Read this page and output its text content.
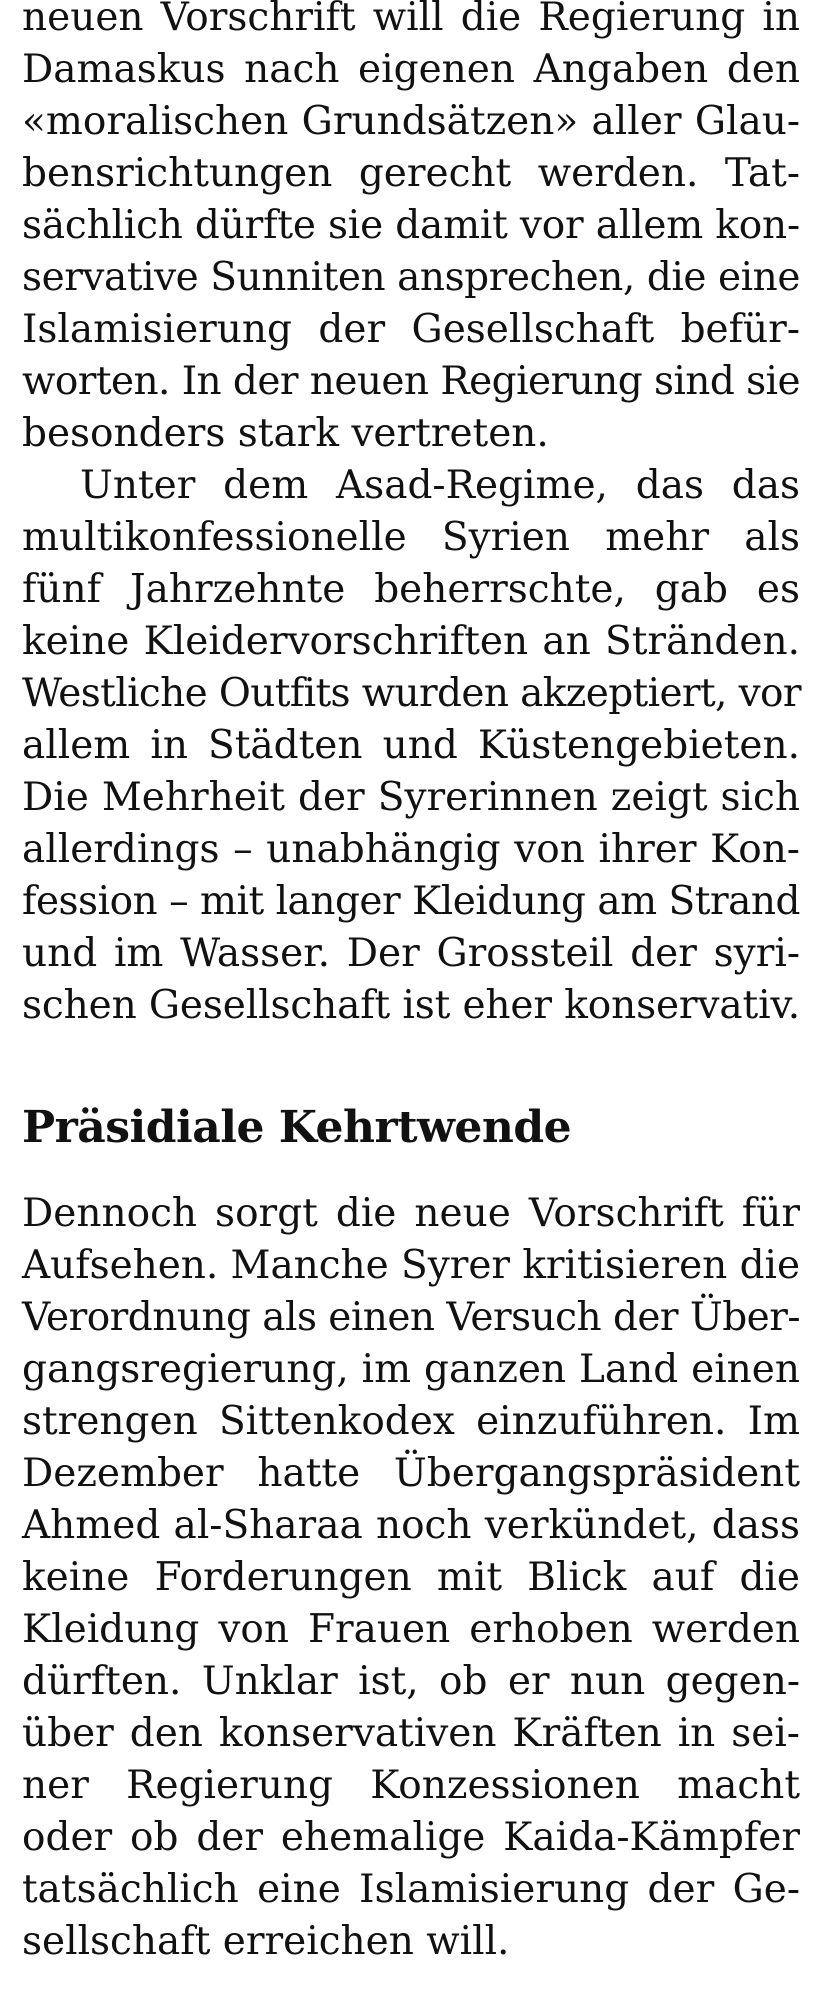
neuen Vorschrift will die Regierung in
Damaskus nach eigenen Angaben den
«moralischen Grundsätzen» aller Glau-
bensrichtungen gerecht werden. Tat-
sächlich dürfte sie damit vor allem kon-
servative Sunniten ansprechen, die eine
Islamisierung der Gesellschaft befür-
worten. In der neuen Regierung sind sie
besonders stark vertreten.
Unter dem Asad-Regime, das das
multikonfessionelle Syrien mehr als
fünf Jahrzehnte beherrschte, gab es
keine Kleidervorschriften an Stränden.
Westliche Outfits wurden akzeptiert, vor
allem in Städten und Küstengebieten.
Die Mehrheit der Syrerinnen zeigt sich
allerdings – unabhängig von ihrer Kon-
fession – mit langer Kleidung am Strand
und im Wasser. Der Grossteil der syri-
schen Gesellschaft ist eher konservativ.
Präsidiale Kehrtwende
Dennoch sorgt die neue Vorschrift für
Aufsehen. Manche Syrer kritisieren die
Verordnung als einen Versuch der Über-
gangsregierung, im ganzen Land einen
strengen Sittenkodex einzuführen. Im
Dezember hatte Übergangspräsident
Ahmed al-Sharaa noch verkündet, dass
keine Forderungen mit Blick auf die
Kleidung von Frauen erhoben werden
dürften. Unklar ist, ob er nun gegen-
über den konservativen Kräften in sei-
ner Regierung Konzessionen macht
oder ob der ehemalige Kaida-Kämpfer
tatsächlich eine Islamisierung der Ge-
sellschaft erreichen will.
